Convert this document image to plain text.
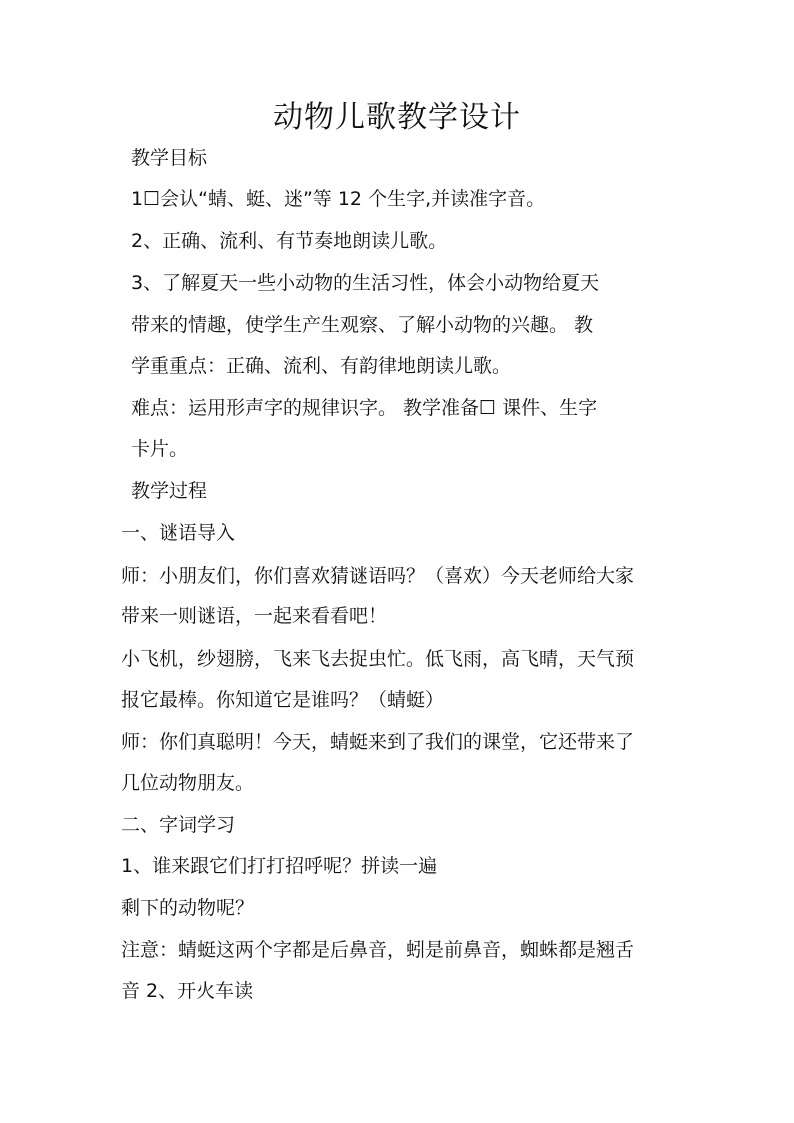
动物儿歌教学设计
教学目标
1☐会认“蜻、蜓、迷”等 12 个生字,并读准字音。
2、正确、流利、有节奏地朗读儿歌。
3、了解夏天一些小动物的生活习性，体会小动物给夏天
带来的情趣，使学生产生观察、了解小动物的兴趣。 教
学重重点：正确、流利、有韵律地朗读儿歌。
难点：运用形声字的规律识字。 教学准备☐ 课件、生字
卡片。
教学过程
一、谜语导入
师：小朋友们，你们喜欢猜谜语吗？（喜欢）今天老师给大家
带来一则谜语，一起来看看吧！
小飞机，纱翅膀，飞来飞去捉虫忙。低飞雨，高飞晴，天气预
报它最棒。你知道它是谁吗？（蜻蜓）
师：你们真聪明！今天，蜻蜓来到了我们的课堂，它还带来了
几位动物朋友。
二、字词学习
1、谁来跟它们打打招呼呢？拼读一遍
剩下的动物呢？
注意：蜻蜓这两个字都是后鼻音，蚓是前鼻音，蜘蛛都是翘舌
音 2、开火车读
